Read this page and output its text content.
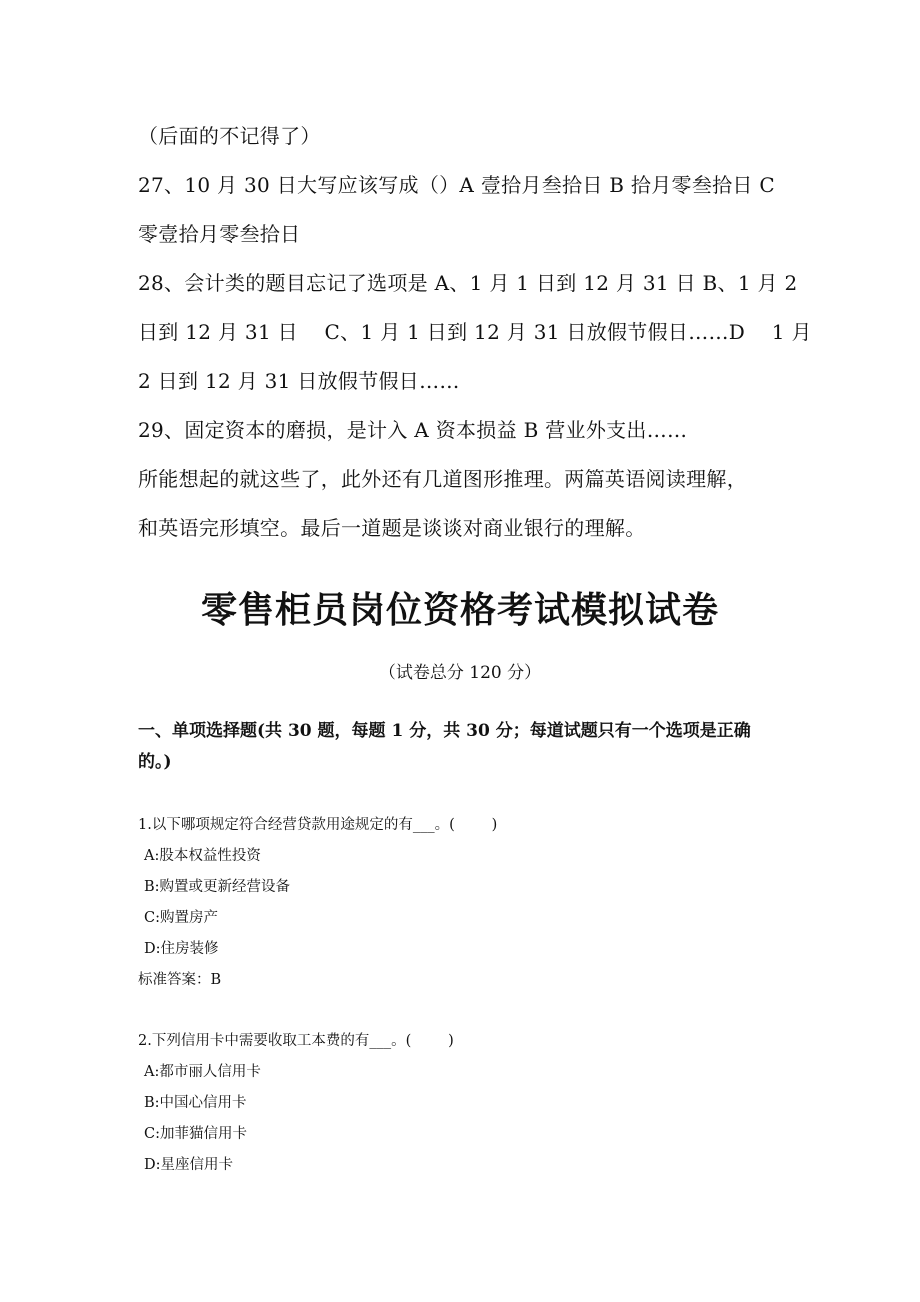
（后面的不记得了）
27、10 月 30 日大写应该写成（）A 壹拾月叁拾日 B 拾月零叁拾日 C
零壹拾月零叁拾日
28、会计类的题目忘记了选项是 A、1 月 1 日到 12 月 31 日 B、1 月 2
日到 12 月 31 日    C、1 月 1 日到 12 月 31 日放假节假日……D    1 月
2 日到 12 月 31 日放假节假日……
29、固定资本的磨损，是计入 A 资本损益 B 营业外支出……
所能想起的就这些了，此外还有几道图形推理。两篇英语阅读理解，
和英语完形填空。最后一道题是谈谈对商业银行的理解。
零售柜员岗位资格考试模拟试卷

（试卷总分 120 分）

一、单项选择题(共 30 题，每题 1 分，共 30 分；每道试题只有一个选项是正确
的。)
1.以下哪项规定符合经营贷款用途规定的有___。(        )
A:股本权益性投资
B:购置或更新经营设备
C:购置房产
D:住房装修
标准答案：B
2.下列信用卡中需要收取工本费的有___。(        )
A:都市丽人信用卡
B:中国心信用卡
C:加菲猫信用卡
D:星座信用卡
